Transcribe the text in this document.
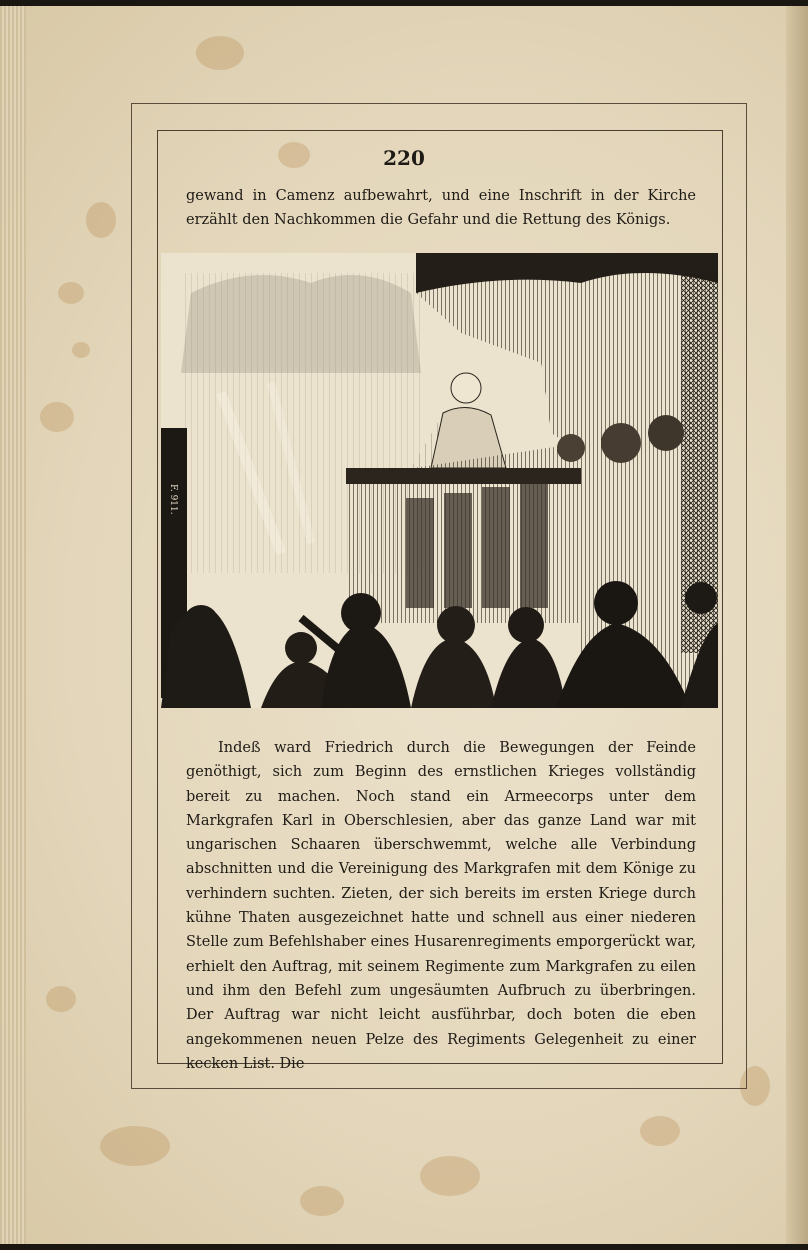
220

gewand in Camenz aufbewahrt, und eine Inschrift in der Kirche erzählt den Nachkommen die Gefahr und die Rettung des Königs.

F. 911.

Indeß ward Friedrich durch die Bewegungen der Feinde genöthigt, sich zum Beginn des ernstlichen Krieges vollständig bereit zu machen. Noch stand ein Armeecorps unter dem Markgrafen Karl in Oberschlesien, aber das ganze Land war mit ungarischen Schaaren überschwemmt, welche alle Verbindung abschnitten und die Vereinigung des Markgrafen mit dem Könige zu verhindern suchten. Zieten, der sich bereits im ersten Kriege durch kühne Thaten ausgezeichnet hatte und schnell aus einer niederen Stelle zum Befehlshaber eines Husarenregiments emporgerückt war, erhielt den Auftrag, mit seinem Regimente zum Markgrafen zu eilen und ihm den Befehl zum ungesäumten Aufbruch zu überbringen. Der Auftrag war nicht leicht ausführbar, doch boten die eben angekommenen neuen Pelze des Regiments Gelegenheit zu einer kecken List. Die
